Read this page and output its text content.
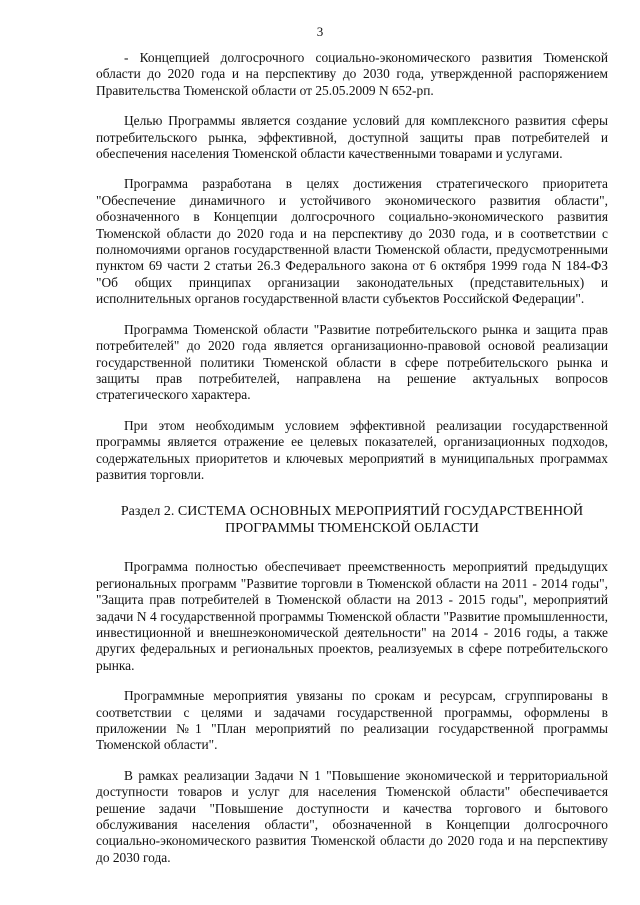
3

- Концепцией долгосрочного социально-экономического развития Тюменской области до 2020 года и на перспективу до 2030 года, утвержденной распоряжением Правительства Тюменской области от 25.05.2009 N 652-рп.

Целью Программы является создание условий для комплексного развития сферы потребительского рынка, эффективной, доступной защиты прав потребителей и обеспечения населения Тюменской области качественными товарами и услугами.

Программа разработана в целях достижения стратегического приоритета "Обеспечение динамичного и устойчивого экономического развития области", обозначенного в Концепции долгосрочного социально-экономического развития Тюменской области до 2020 года и на перспективу до 2030 года, и в соответствии с полномочиями органов государственной власти Тюменской области, предусмотренными пунктом 69 части 2 статьи 26.3 Федерального закона от 6 октября 1999 года N 184-ФЗ "Об общих принципах организации законодательных (представительных) и исполнительных органов государственной власти субъектов Российской Федерации".

Программа Тюменской области "Развитие потребительского рынка и защита прав потребителей" до 2020 года является организационно-правовой основой реализации государственной политики Тюменской области в сфере потребительского рынка и защиты прав потребителей, направлена на решение актуальных вопросов стратегического характера.

При этом необходимым условием эффективной реализации государственной программы является отражение ее целевых показателей, организационных подходов, содержательных приоритетов и ключевых мероприятий в муниципальных программах развития торговли.

Раздел 2. СИСТЕМА ОСНОВНЫХ МЕРОПРИЯТИЙ ГОСУДАРСТВЕННОЙ
ПРОГРАММЫ ТЮМЕНСКОЙ ОБЛАСТИ

Программа полностью обеспечивает преемственность мероприятий предыдущих региональных программ "Развитие торговли в Тюменской области на 2011 - 2014 годы", "Защита прав потребителей в Тюменской области на 2013 - 2015 годы", мероприятий задачи N 4 государственной программы Тюменской области "Развитие промышленности, инвестиционной и внешнеэкономической деятельности" на 2014 - 2016 годы, а также других федеральных и региональных проектов, реализуемых в сфере потребительского рынка.

Программные мероприятия увязаны по срокам и ресурсам, сгруппированы в соответствии с целями и задачами государственной программы, оформлены в приложении №1 "План мероприятий по реализации государственной программы Тюменской области".

В рамках реализации Задачи N 1 "Повышение экономической и территориальной доступности товаров и услуг для населения Тюменской области" обеспечивается решение задачи "Повышение доступности и качества торгового и бытового обслуживания населения области", обозначенной в Концепции долгосрочного социально-экономического развития Тюменской области до 2020 года и на перспективу до 2030 года.
